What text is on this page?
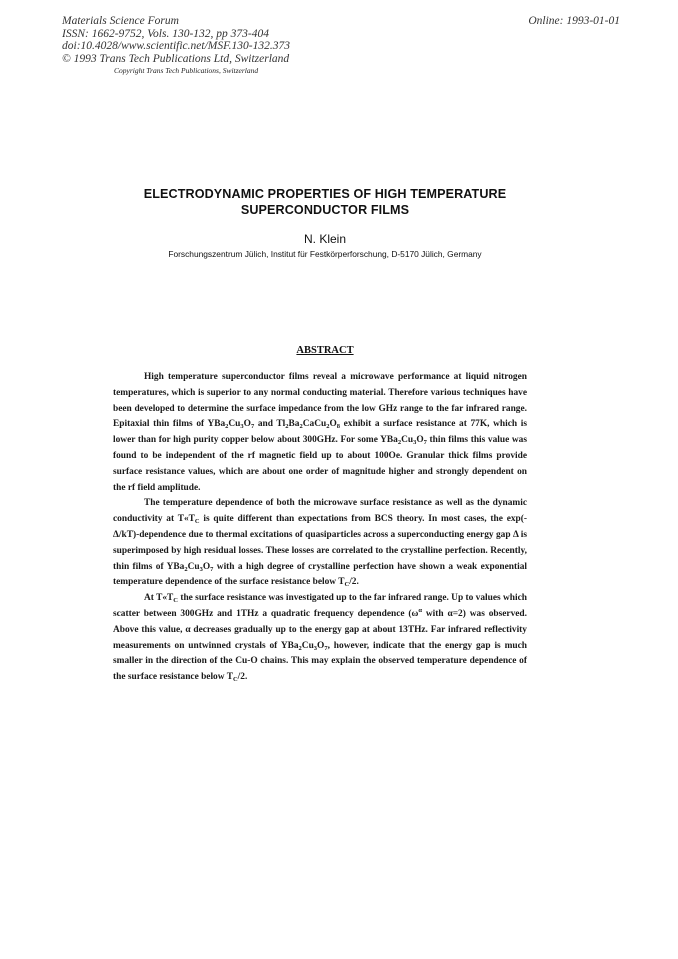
Materials Science Forum
ISSN: 1662-9752, Vols. 130-132, pp 373-404
doi:10.4028/www.scientific.net/MSF.130-132.373
© 1993 Trans Tech Publications Ltd, Switzerland
Online: 1993-01-01
Copyright Trans Tech Publications, Switzerland
ELECTRODYNAMIC PROPERTIES OF HIGH TEMPERATURE
SUPERCONDUCTOR FILMS
N. Klein
Forschungszentrum Jülich, Institut für Festkörperforschung, D-5170 Jülich, Germany
ABSTRACT

High temperature superconductor films reveal a microwave performance at liquid nitrogen temperatures, which is superior to any normal conducting material. Therefore various techniques have been developed to determine the surface impedance from the low GHz range to the far infrared range. Epitaxial thin films of $YBa_2Cu_3O_7$ and $Tl_2Ba_2CaCu_2O_8$ exhibit a surface resistance at 77K, which is lower than for high purity copper below about 300GHz. For some $YBa_2Cu_3O_7$ thin films this value was found to be independent of the rf magnetic field up to about 100Oe. Granular thick films provide surface resistance values, which are about one order of magnitude higher and strongly dependent on the rf field amplitude.

The temperature dependence of both the microwave surface resistance as well as the dynamic conductivity at $T«T_C$ is quite different than expectations from BCS theory. In most cases, the exp(-Δ/kT)-dependence due to thermal excitations of quasiparticles across a superconducting energy gap Δ is superimposed by high residual losses. These losses are correlated to the crystalline perfection. Recently, thin films of $YBa_2Cu_3O_7$ with a high degree of crystalline perfection have shown a weak exponential temperature dependence of the surface resistance below $T_C/2$.

At $T«T_C$ the surface resistance was investigated up to the far infrared range. Up to values which scatter between 300GHz and 1THz a quadratic frequency dependence ($\omega^\alpha$ with α=2) was observed. Above this value, α decreases gradually up to the energy gap at about 13THz. Far infrared reflectivity measurements on untwinned crystals of $YBa_2Cu_3O_7$, however, indicate that the energy gap is much smaller in the direction of the Cu-O chains. This may explain the observed temperature dependence of the surface resistance below $T_C/2$.
